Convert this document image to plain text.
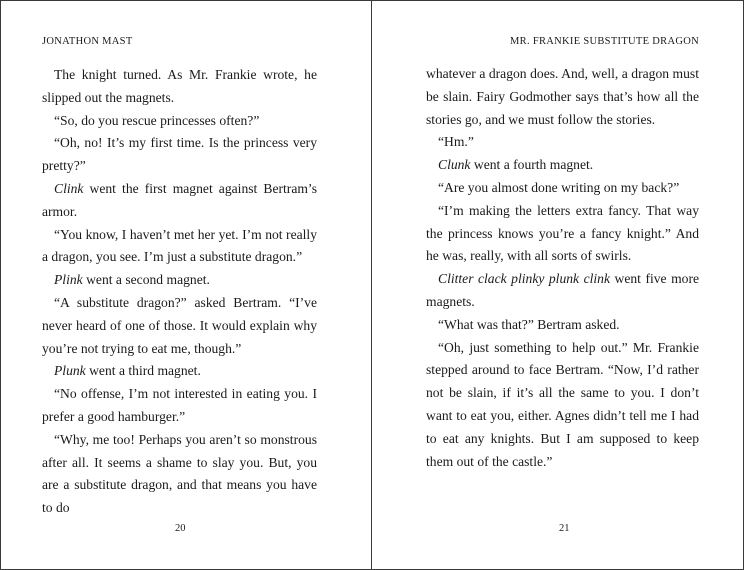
JONATHON MAST

The knight turned. As Mr. Frankie wrote, he slipped out the magnets.

“So, do you rescue princesses often?”

“Oh, no! It’s my first time. Is the princess very pretty?”

Clink went the first magnet against Bertram’s armor.

“You know, I haven’t met her yet. I’m not really a dragon, you see. I’m just a substitute dragon.”

Plink went a second magnet.

“A substitute dragon?” asked Bertram. “I’ve never heard of one of those. It would explain why you’re not trying to eat me, though.”

Plunk went a third magnet.

“No offense, I’m not interested in eating you. I prefer a good hamburger.”

“Why, me too! Perhaps you aren’t so monstrous after all. It seems a shame to slay you. But, you are a substitute dragon, and that means you have to do

20
MR. FRANKIE SUBSTITUTE DRAGON

whatever a dragon does. And, well, a dragon must be slain. Fairy Godmother says that’s how all the stories go, and we must follow the stories.

“Hm.”

Clunk went a fourth magnet.

“Are you almost done writing on my back?”

“I’m making the letters extra fancy. That way the princess knows you’re a fancy knight.” And he was, really, with all sorts of swirls.

Clitter clack plinky plunk clink went five more magnets.

“What was that?” Bertram asked.

“Oh, just something to help out.” Mr. Frankie stepped around to face Bertram. “Now, I’d rather not be slain, if it’s all the same to you. I don’t want to eat you, either. Agnes didn’t tell me I had to eat any knights. But I am supposed to keep them out of the castle.”

21
